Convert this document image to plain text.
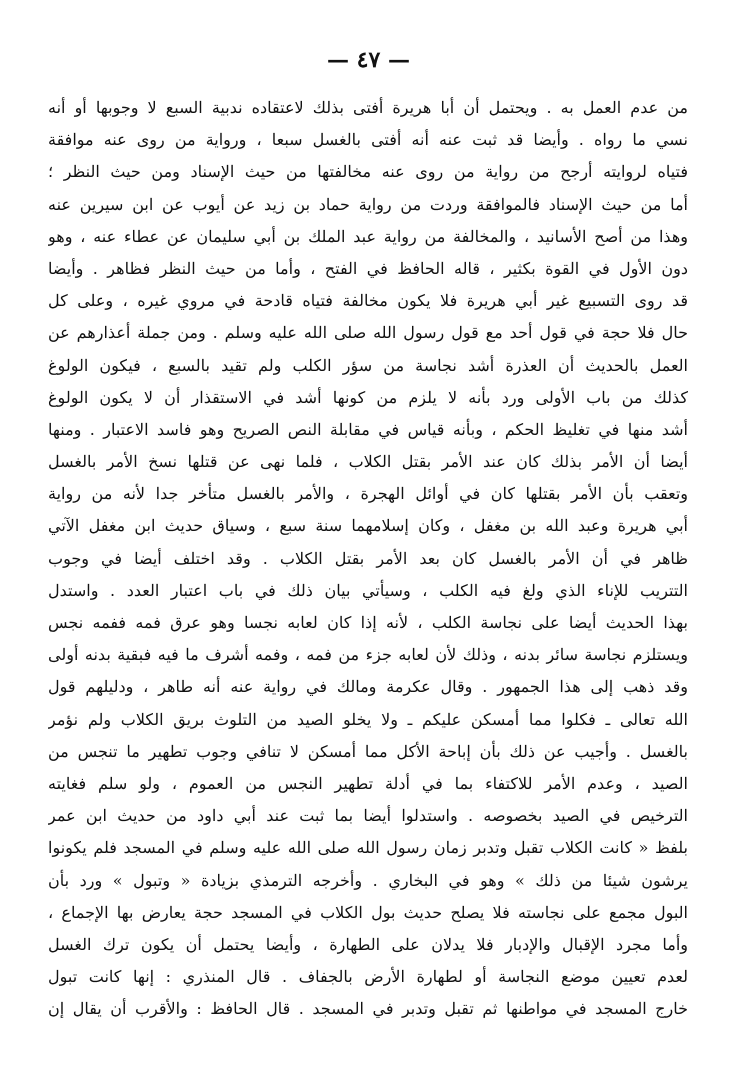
— ٤٧ —
من عدم العمل به . ويحتمل أن أبا هريرة أفتى بذلك لاعتقاده ندبية السبع لا وجوبها أو أنه
نسي ما رواه . وأيضا قد ثبت عنه أنه أفتى بالغسل سبعا ، ورواية من روى عنه موافقة
فتياه لروايته أرجح من رواية من روى عنه مخالفتها من حيث الإسناد ومن حيث النظر ؛
أما من حيث الإسناد فالموافقة وردت من رواية حماد بن زيد عن أيوب عن ابن سيرين عنه
وهذا من أصح الأسانيد ، والمخالفة من رواية عبد الملك بن أبي سليمان عن عطاء عنه ، وهو
دون الأول في القوة بكثير ، قاله الحافظ في الفتح ، وأما من حيث النظر فظاهر . وأيضا
قد روى التسبيع غير أبي هريرة فلا يكون مخالفة فتياه قادحة في مروي غيره ، وعلى كل
حال فلا حجة في قول أحد مع قول رسول الله صلى الله عليه وسلم . ومن جملة أعذارهم عن
العمل بالحديث أن العذرة أشد نجاسة من سؤر الكلب ولم تقيد بالسبع ، فيكون الولوغ
كذلك من باب الأولى ورد بأنه لا يلزم من كونها أشد في الاستقذار أن لا يكون الولوغ
أشد منها في تغليظ الحكم ، وبأنه قياس في مقابلة النص الصريح وهو فاسد الاعتبار . ومنها
أيضا أن الأمر بذلك كان عند الأمر بقتل الكلاب ، فلما نهى عن قتلها نسخ الأمر بالغسل
وتعقب بأن الأمر بقتلها كان في أوائل الهجرة ، والأمر بالغسل متأخر جدا لأنه من رواية
أبي هريرة وعبد الله بن مغفل ، وكان إسلامهما سنة سبع ، وسياق حديث ابن مغفل الآتي
ظاهر في أن الأمر بالغسل كان بعد الأمر بقتل الكلاب . وقد اختلف أيضا في وجوب
التتريب للإناء الذي ولغ فيه الكلب ، وسيأتي بيان ذلك في باب اعتبار العدد . واستدل
بهذا الحديث أيضا على نجاسة الكلب ، لأنه إذا كان لعابه نجسا وهو عرق فمه ففمه نجس
ويستلزم نجاسة سائر بدنه ، وذلك لأن لعابه جزء من فمه ، وفمه أشرف ما فيه فبقية بدنه أولى
وقد ذهب إلى هذا الجمهور . وقال عكرمة ومالك في رواية عنه أنه طاهر ، ودليلهم قول
الله تعالى ـ فكلوا مما أمسكن عليكم ـ ولا يخلو الصيد من التلوث بريق الكلاب ولم نؤمر
بالغسل . وأجيب عن ذلك بأن إباحة الأكل مما أمسكن لا تنافي وجوب تطهير ما تنجس من
الصيد ، وعدم الأمر للاكتفاء بما في أدلة تطهير النجس من العموم ، ولو سلم فغايته
الترخيص في الصيد بخصوصه . واستدلوا أيضا بما ثبت عند أبي داود من حديث ابن عمر
بلفظ « كانت الكلاب تقبل وتدبر زمان رسول الله صلى الله عليه وسلم في المسجد فلم يكونوا
يرشون شيئا من ذلك » وهو في البخاري . وأخرجه الترمذي بزيادة « وتبول » ورد بأن
البول مجمع على نجاسته فلا يصلح حديث بول الكلاب في المسجد حجة يعارض بها الإجماع ،
وأما مجرد الإقبال والإدبار فلا يدلان على الطهارة ، وأيضا يحتمل أن يكون ترك الغسل
لعدم تعيين موضع النجاسة أو لطهارة الأرض بالجفاف . قال المنذري : إنها كانت تبول
خارج المسجد في مواطنها ثم تقبل وتدبر في المسجد . قال الحافظ : والأقرب أن يقال إن
